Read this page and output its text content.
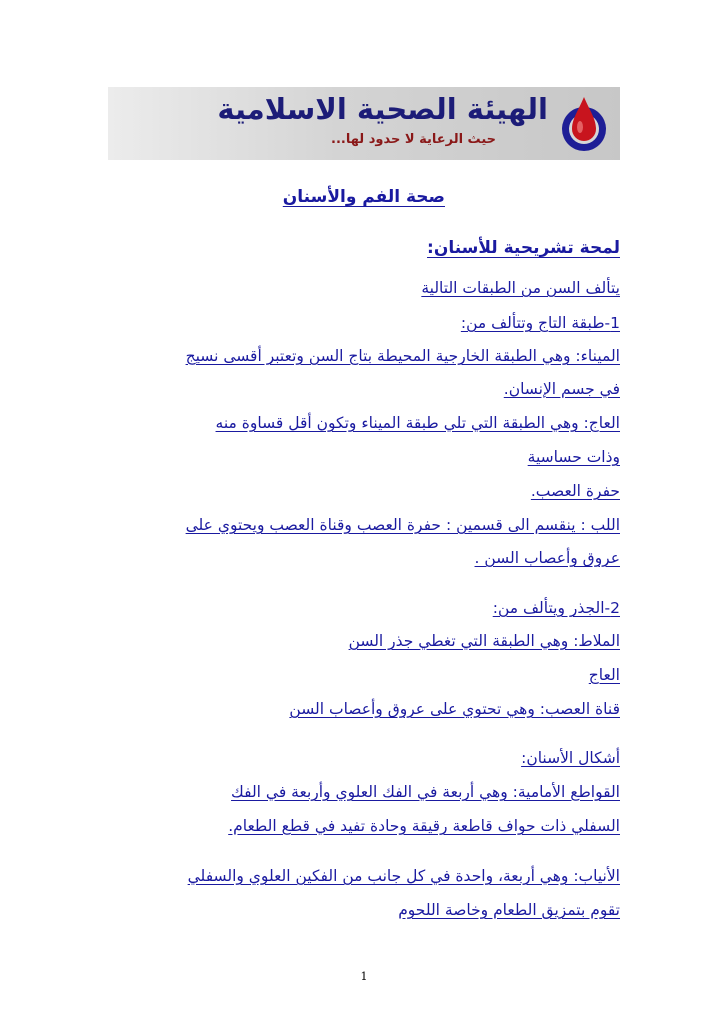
الهيئة الصحية الاسلامية
حيث الرعاية لا حدود لها...
صحة الفم والأسنان
لمحة تشريحية للأسنان:
يتألف السن من الطبقات التالية
1-طبقة التاج وتتألف من:
الميناء: وهي الطبقة الخارجية المحيطة بتاج السن وتعتبر أقسى نسيج
في جسم الإنسان.
العاج: وهي الطبقة التي تلي طبقة الميناء وتكون أقل قساوة منه
وذات حساسية
حفرة العصب.
اللب : ينقسم الى قسمين : حفرة العصب وقناة العصب ويحتوي على
عروق وأعصاب السن .
2-الجذر ويتألف من:
الملاط: وهي الطبقة التي تغطي جذر السن
العاج
قناة العصب: وهي تحتوي على عروق وأعصاب السن
أشكال الأسنان:
القواطع الأمامية: وهي أربعة في الفك العلوي وأربعة في الفك
السفلي ذات حواف قاطعة رقيقة وحادة تفيد في قطع الطعام.
الأنياب: وهي أربعة، واحدة في كل جانب من الفكين العلوي والسفلي
تقوم بتمزيق الطعام وخاصة اللحوم
1
